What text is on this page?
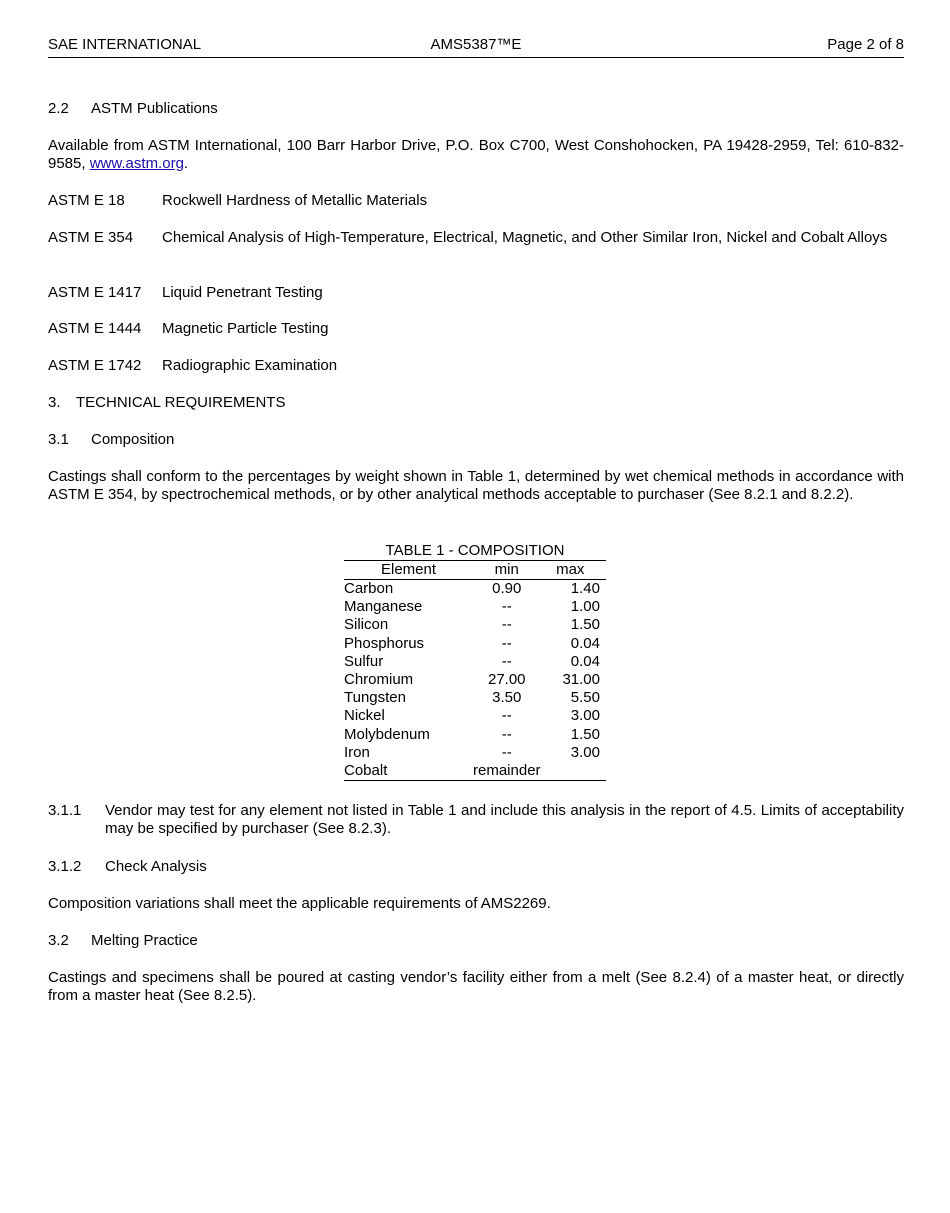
SAE INTERNATIONAL	AMS5387™E	Page 2 of 8
2.2 ASTM Publications
Available from ASTM International, 100 Barr Harbor Drive, P.O. Box C700, West Conshohocken, PA 19428-2959, Tel: 610-832-9585, www.astm.org.
ASTM E 18	Rockwell Hardness of Metallic Materials
ASTM E 354	Chemical Analysis of High-Temperature, Electrical, Magnetic, and Other Similar Iron, Nickel and Cobalt Alloys
ASTM E 1417	Liquid Penetrant Testing
ASTM E 1444	Magnetic Particle Testing
ASTM E 1742	Radiographic Examination
3. TECHNICAL REQUIREMENTS
3.1 Composition
Castings shall conform to the percentages by weight shown in Table 1, determined by wet chemical methods in accordance with ASTM E 354, by spectrochemical methods, or by other analytical methods acceptable to purchaser (See 8.2.1 and 8.2.2).
TABLE 1 - COMPOSITION
Element	min	max
Carbon	0.90	1.40
Manganese	--	1.00
Silicon	--	1.50
Phosphorus	--	0.04
Sulfur	--	0.04
Chromium	27.00	31.00
Tungsten	3.50	5.50
Nickel	--	3.00
Molybdenum	--	1.50
Iron	--	3.00
Cobalt	remainder	
3.1.1	Vendor may test for any element not listed in Table 1 and include this analysis in the report of 4.5. Limits of acceptability may be specified by purchaser (See 8.2.3).
3.1.2 Check Analysis
Composition variations shall meet the applicable requirements of AMS2269.
3.2 Melting Practice
Castings and specimens shall be poured at casting vendor’s facility either from a melt (See 8.2.4) of a master heat, or directly from a master heat (See 8.2.5).
